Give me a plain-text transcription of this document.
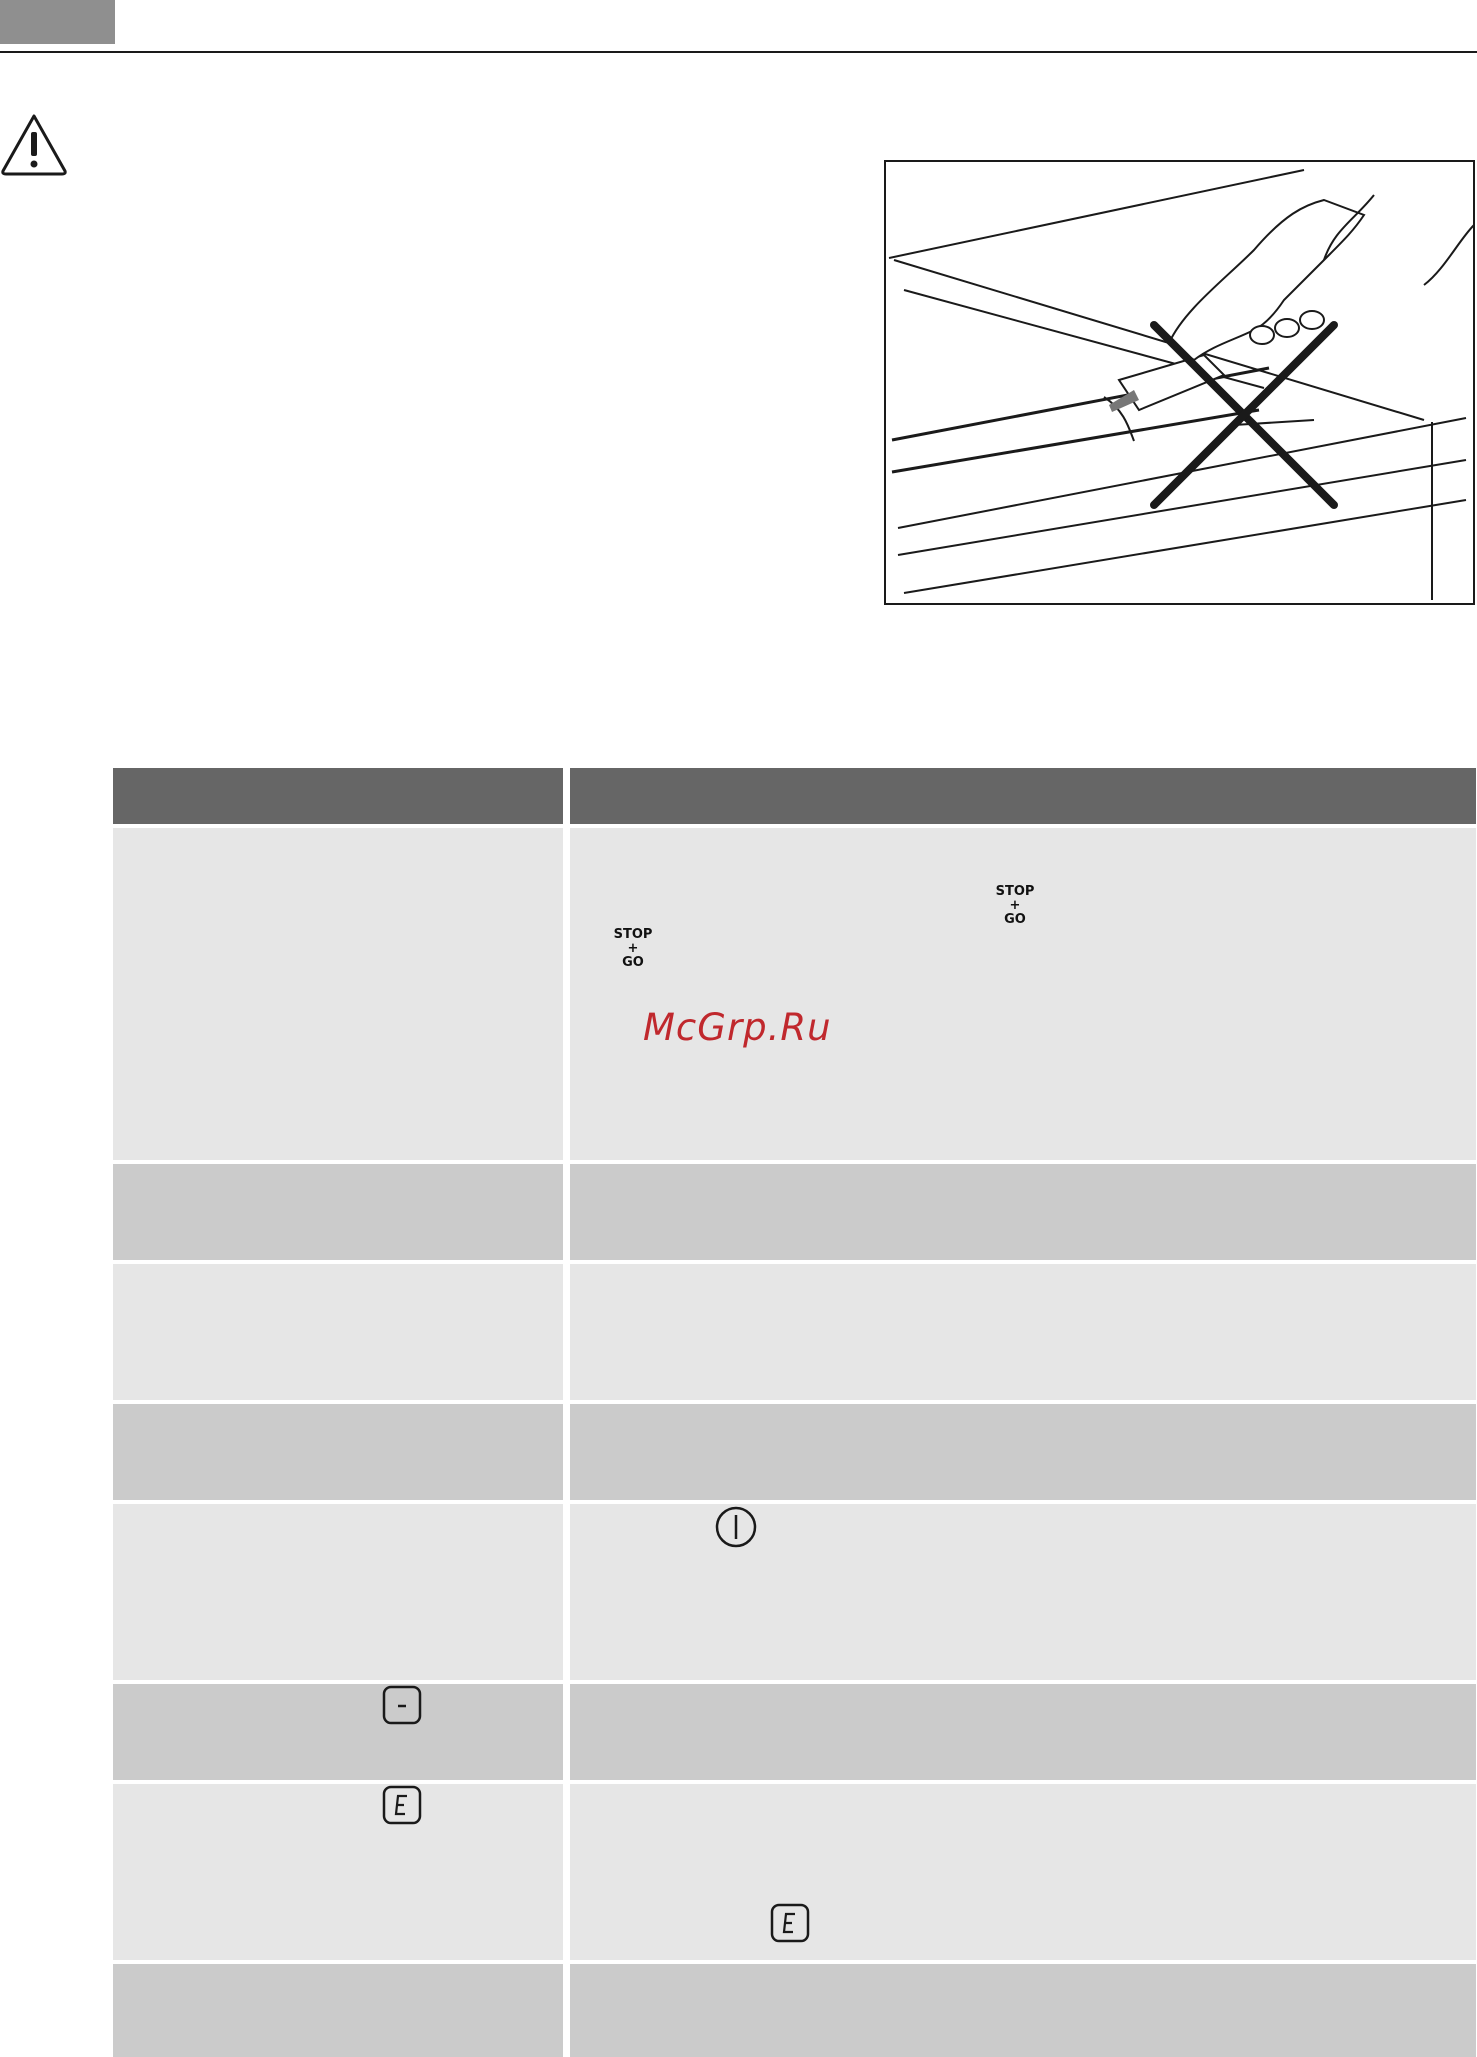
STOP
+
GO
STOP
+
GO
McGrp.Ru
